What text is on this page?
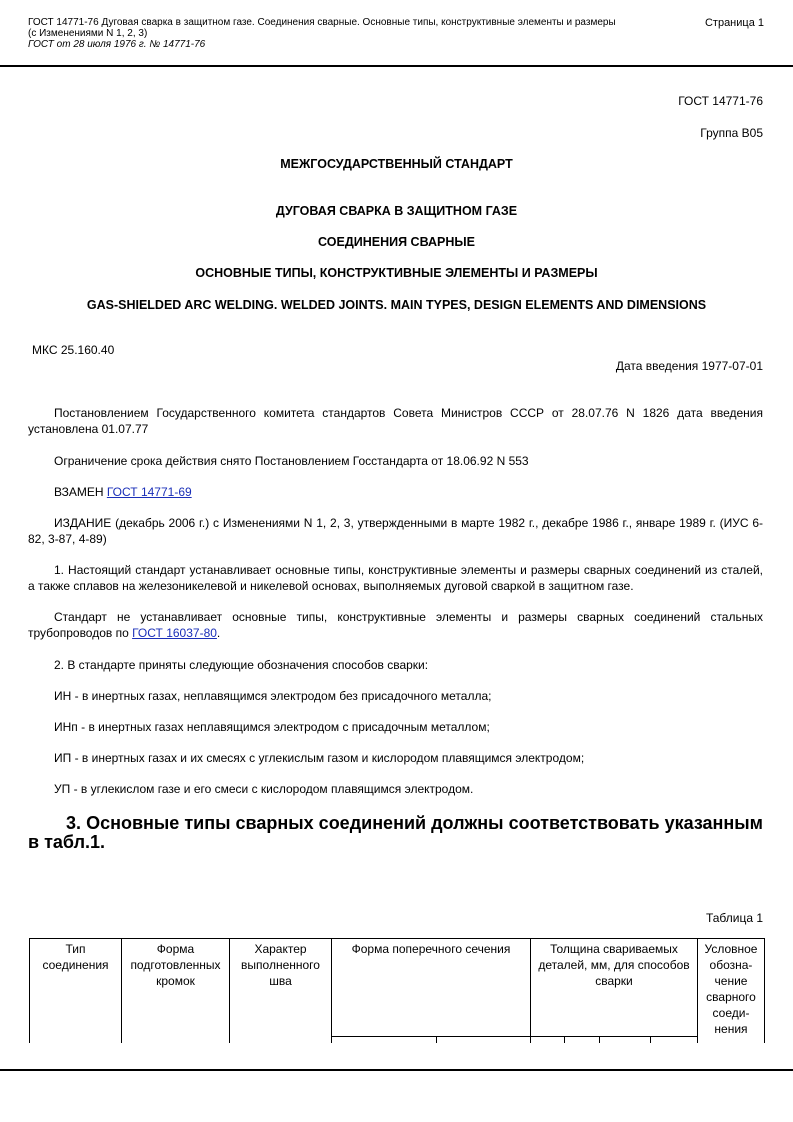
ГОСТ 14771-76 Дуговая сварка в защитном газе. Соединения сварные. Основные типы, конструктивные элементы и размеры
(с Изменениями N 1, 2, 3)
ГОСТ от 28 июля 1976 г. № 14771-76
Страница 1
ГОСТ 14771-76
Группа В05
МЕЖГОСУДАРСТВЕННЫЙ СТАНДАРТ
ДУГОВАЯ СВАРКА В ЗАЩИТНОМ ГАЗЕ
СОЕДИНЕНИЯ СВАРНЫЕ
ОСНОВНЫЕ ТИПЫ, КОНСТРУКТИВНЫЕ ЭЛЕМЕНТЫ И РАЗМЕРЫ
GAS-SHIELDED ARC WELDING. WELDED JOINTS. MAIN TYPES, DESIGN ELEMENTS AND DIMENSIONS
МКС 25.160.40
Дата введения 1977-07-01
Постановлением Государственного комитета стандартов Совета Министров СССР от 28.07.76 N 1826 дата введения установлена 01.07.77
Ограничение срока действия снято Постановлением Госстандарта от 18.06.92 N 553
ВЗАМЕН ГОСТ 14771-69
ИЗДАНИЕ (декабрь 2006 г.) с Изменениями N 1, 2, 3, утвержденными в марте 1982 г., декабре 1986 г., январе 1989 г. (ИУС 6-82, 3-87, 4-89)
1. Настоящий стандарт устанавливает основные типы, конструктивные элементы и размеры сварных соединений из сталей, а также сплавов на железоникелевой и никелевой основах, выполняемых дуговой сваркой в защитном газе.
Стандарт не устанавливает основные типы, конструктивные элементы и размеры сварных соединений стальных трубопроводов по ГОСТ 16037-80.
2. В стандарте приняты следующие обозначения способов сварки:
ИН - в инертных газах, неплавящимся электродом без присадочного металла;
ИНп - в инертных газах неплавящимся электродом с присадочным металлом;
ИП - в инертных газах и их смесях с углекислым газом и кислородом плавящимся электродом;
УП - в углекислом газе и его смеси с кислородом плавящимся электродом.
3. Основные типы сварных соединений должны соответствовать указанным в табл.1.
Таблица 1
Тип соединения	Форма подготовленных кромок	Характер выполненного шва	Форма поперечного сечения		Толщина свариваемых деталей, мм, для способов сварки				Условное обозна-чение сварного соеди-нения
